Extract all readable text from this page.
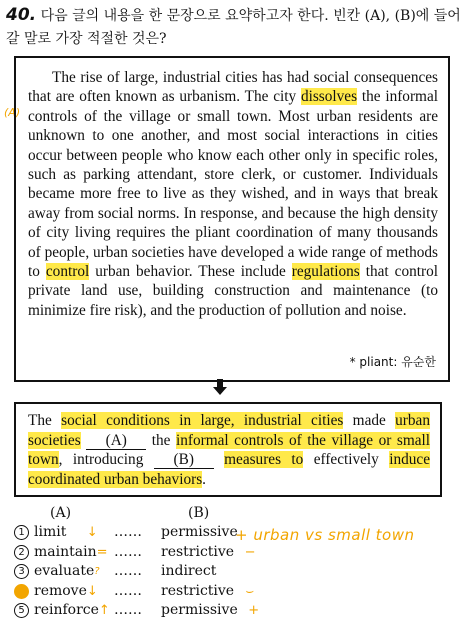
40. 다음 글의 내용을 한 문장으로 요약하고자 한다. 빈칸 (A), (B)에 들어갈 말로 가장 적절한 것은?
(A)

The rise of large, industrial cities has had social consequences that are often known as urbanism. The city dissolves the informal controls of the village or small town. Most urban residents are unknown to one another, and most social interactions in cities occur between people who know each other only in specific roles, such as parking attendant, store clerk, or customer. Individuals became more free to live as they wished, and in ways that break away from social norms. In response, and because the high density of city living requires the pliant coordination of many thousands of people, urban societies have developed a wide range of methods to control urban behavior. These include regulations that control private land use, building construction and maintenance (to minimize fire risk), and the production of pollution and noise.

* pliant: 유순한
The social conditions in large, industrial cities made urban societies (A) the informal controls of the village or small town, introducing (B) measures to effectively induce coordinated urban behaviors.
(A)	(B)
1 limit ↓ …… permissive
2 maintain = …… restrictive −
3 evaluate ? …… indirect
4 remove ↓ …… restrictive ⌣
5 reinforce ↑ …… permissive +
+ urban vs small town
